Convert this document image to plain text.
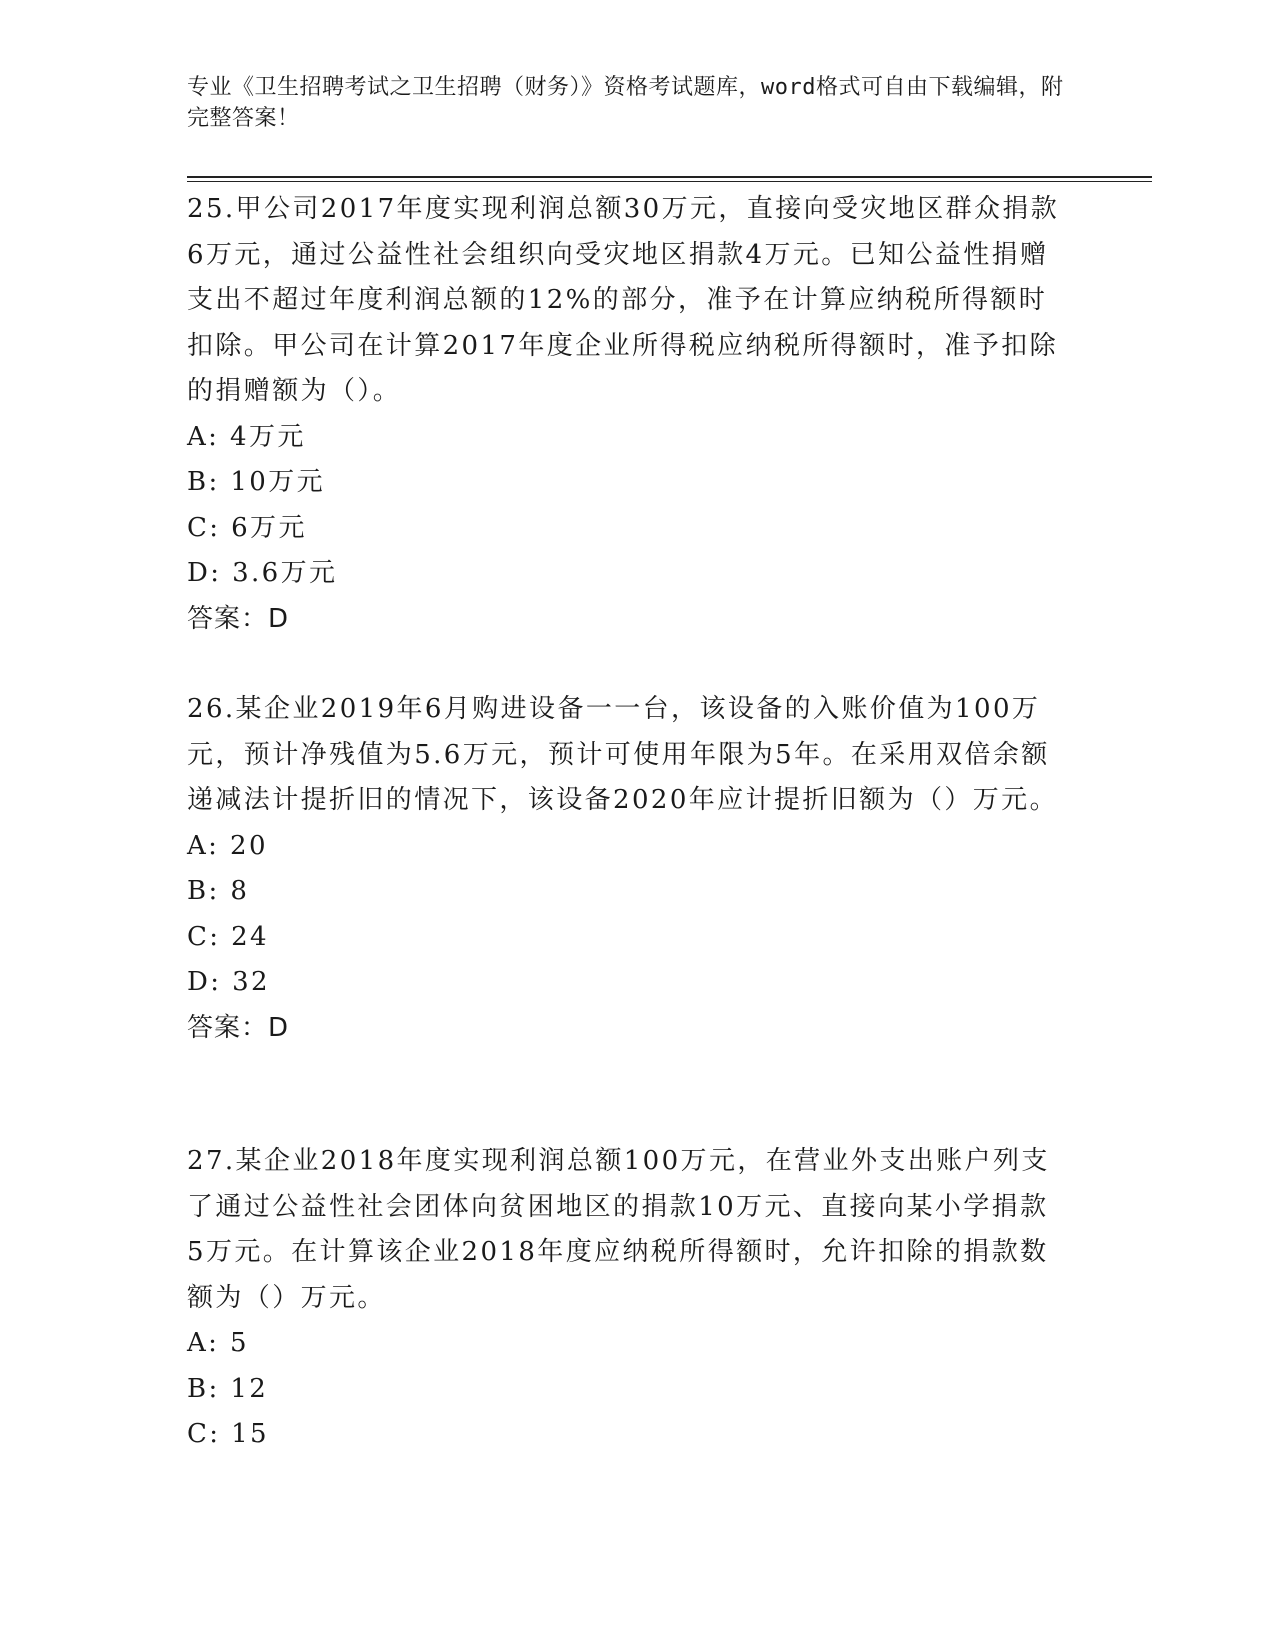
专业《卫生招聘考试之卫生招聘（财务）》资格考试题库，word格式可自由下载编辑，附完整答案！

25.甲公司2017年度实现利润总额30万元，直接向受灾地区群众捐款6万元，通过公益性社会组织向受灾地区捐款4万元。已知公益性捐赠支出不超过年度利润总额的12%的部分，准予在计算应纳税所得额时扣除。甲公司在计算2017年度企业所得税应纳税所得额时，准予扣除的捐赠额为（）。

A: 4万元

B: 10万元

C: 6万元

D: 3.6万元

答案：D

26.某企业2019年6月购进设备一一台，该设备的入账价值为100万元，预计净残值为5.6万元，预计可使用年限为5年。在采用双倍余额递减法计提折旧的情况下，该设备2020年应计提折旧额为（）万元。

A: 20

B: 8

C: 24

D: 32

答案：D

27.某企业2018年度实现利润总额100万元，在营业外支出账户列支了通过公益性社会团体向贫困地区的捐款10万元、直接向某小学捐款5万元。在计算该企业2018年度应纳税所得额时，允许扣除的捐款数额为（）万元。

A: 5

B: 12

C: 15
